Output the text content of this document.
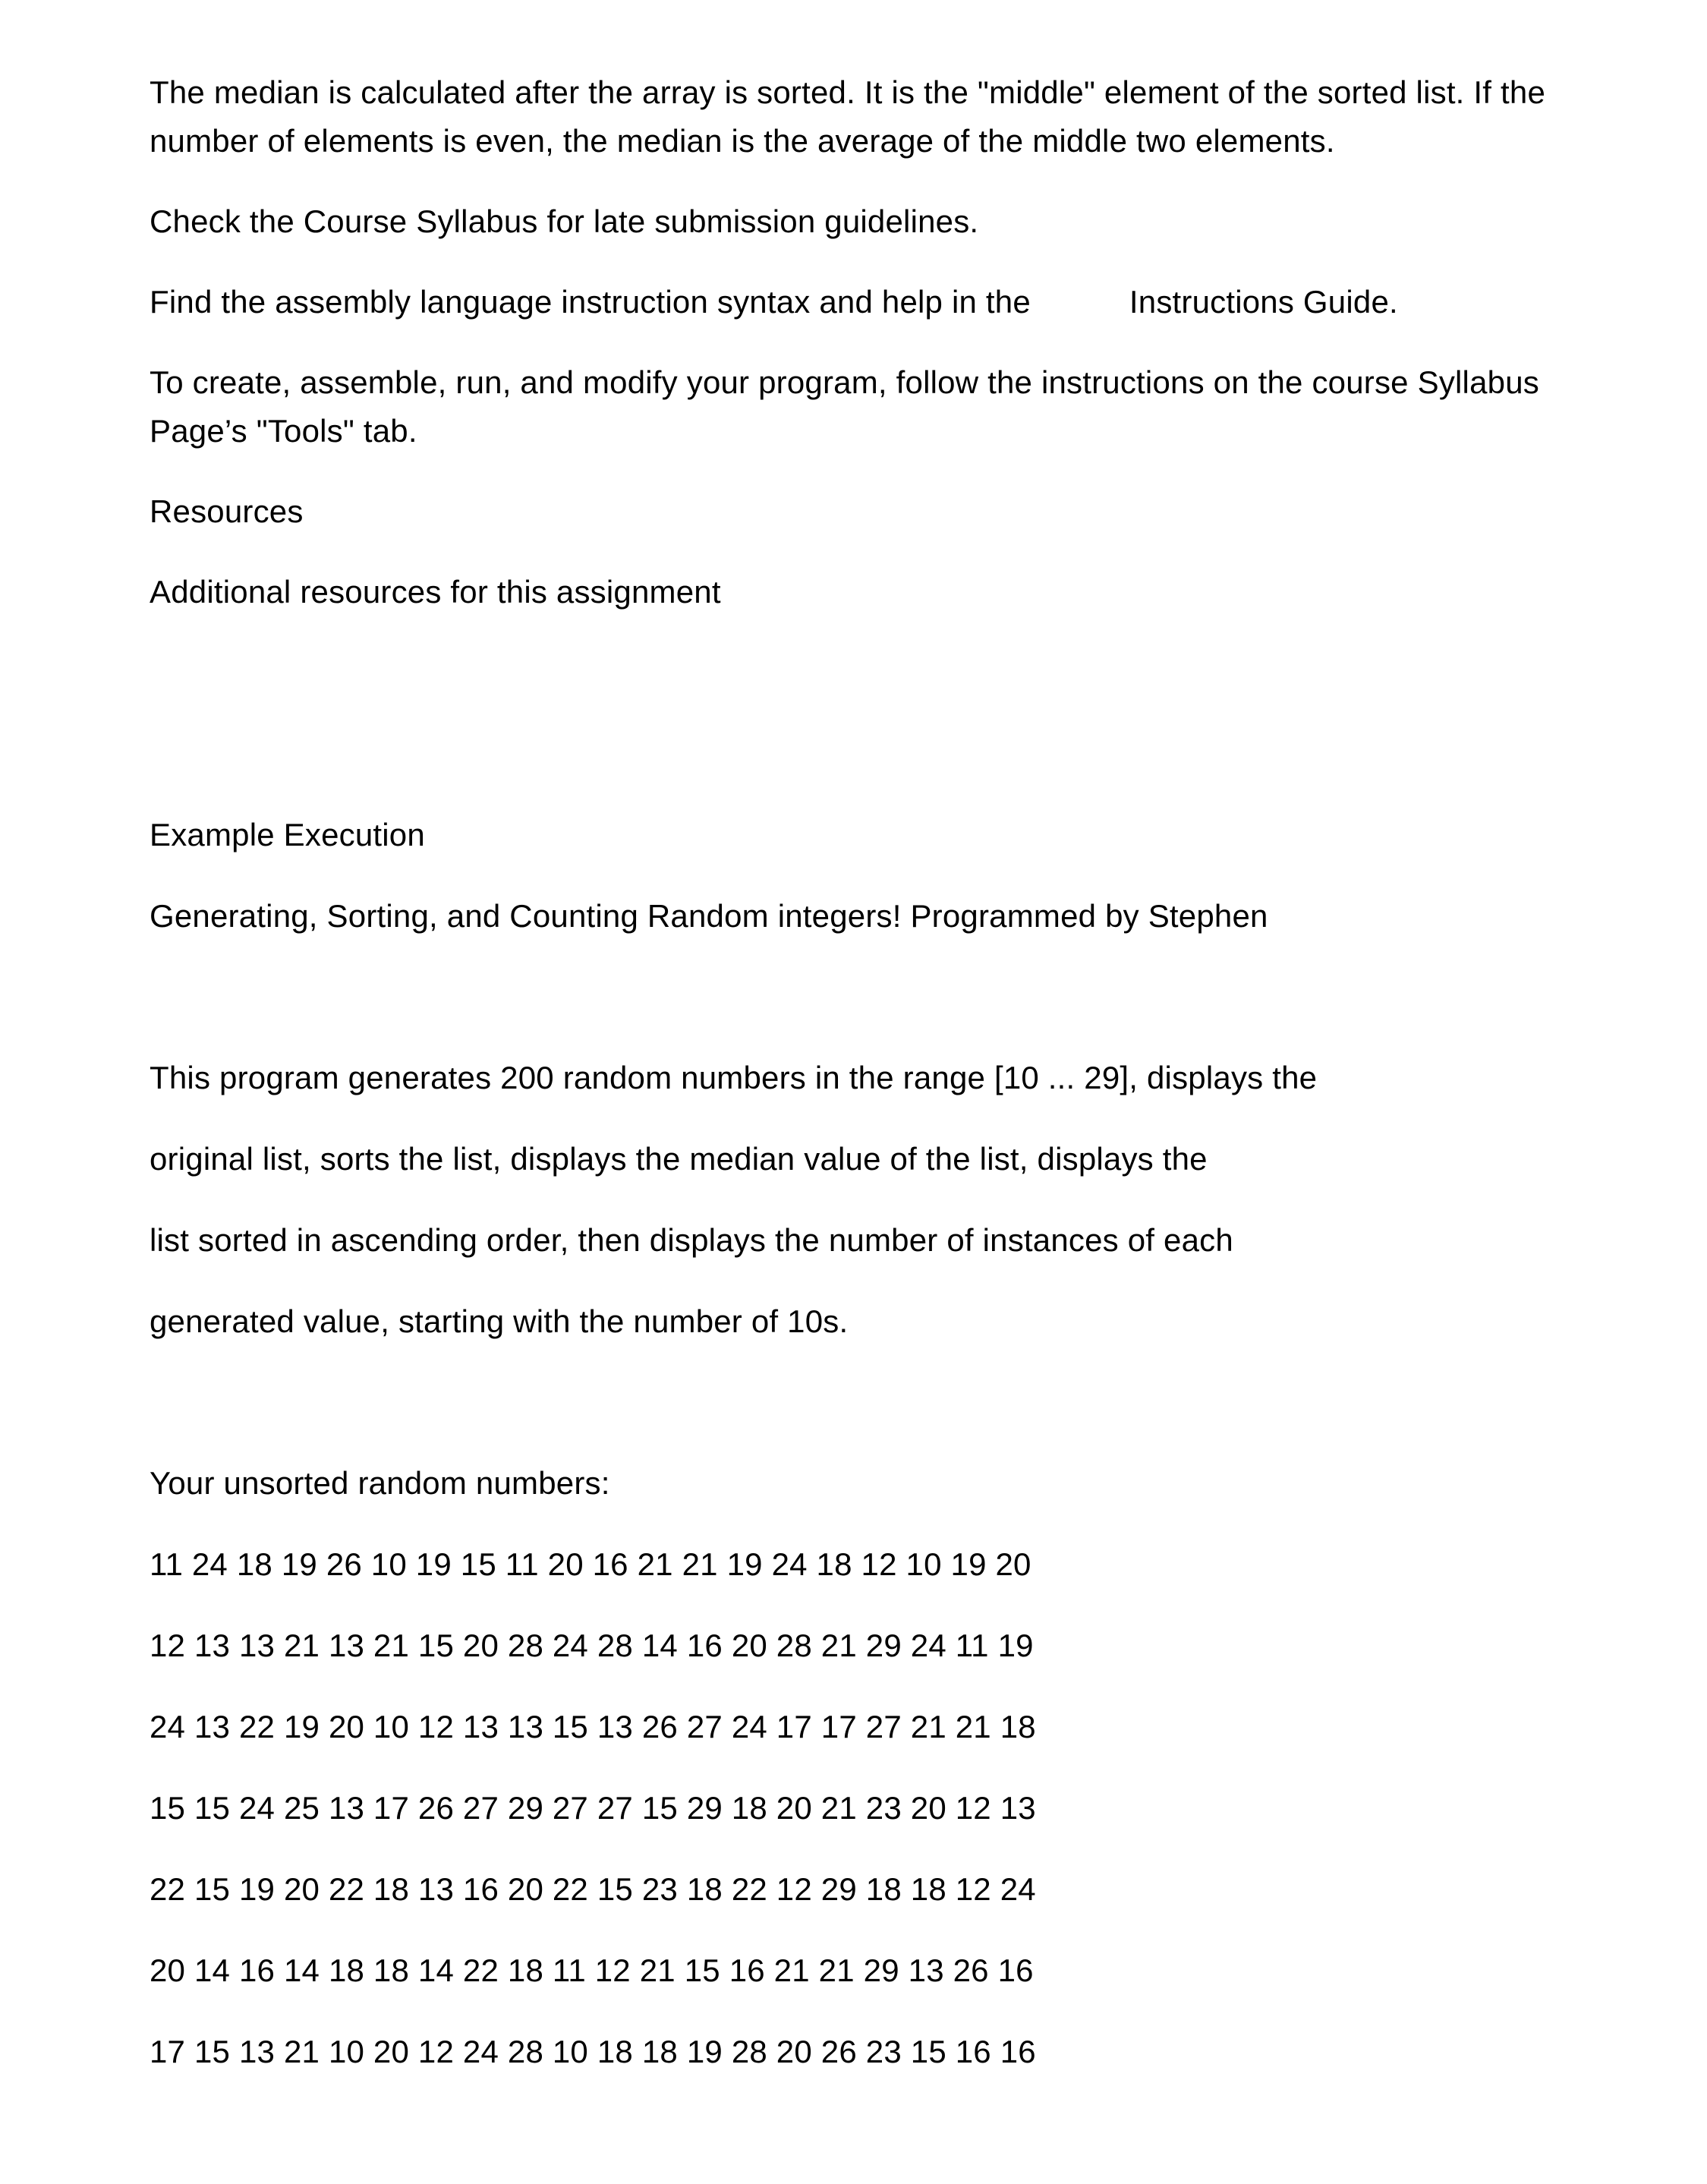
The median is calculated after the array is sorted. It is the "middle" element of the sorted list. If the
number of elements is even, the median is the average of the middle two elements.
Check the Course Syllabus for late submission guidelines.
Find the assembly language instruction syntax and help in the	Instructions Guide.
To create, assemble, run, and modify your program, follow the instructions on the course Syllabus
Page’s "Tools" tab.
Resources
Additional resources for this assignment
Example Execution
Generating, Sorting, and Counting Random integers! Programmed by Stephen
This program generates 200 random numbers in the range [10 ... 29], displays the
original list, sorts the list, displays the median value of the list, displays the
list sorted in ascending order, then displays the number of instances of each
generated value, starting with the number of 10s.
Your unsorted random numbers:
11 24 18 19 26 10 19 15 11 20 16 21 21 19 24 18 12 10 19 20
12 13 13 21 13 21 15 20 28 24 28 14 16 20 28 21 29 24 11 19
24 13 22 19 20 10 12 13 13 15 13 26 27 24 17 17 27 21 21 18
15 15 24 25 13 17 26 27 29 27 27 15 29 18 20 21 23 20 12 13
22 15 19 20 22 18 13 16 20 22 15 23 18 22 12 29 18 18 12 24
20 14 16 14 18 18 14 22 18 11 12 21 15 16 21 21 29 13 26 16
17 15 13 21 10 20 12 24 28 10 18 18 19 28 20 26 23 15 16 16
